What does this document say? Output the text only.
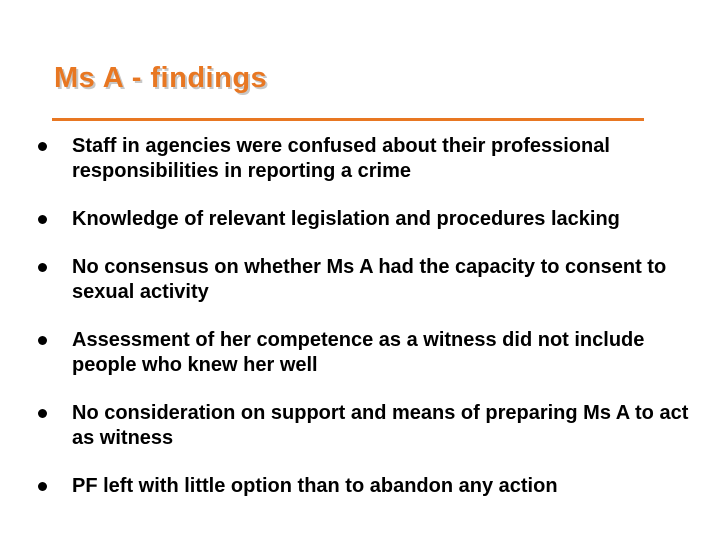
Ms A - findings
Staff in agencies were confused about their professional responsibilities in reporting a crime
Knowledge of relevant legislation and procedures lacking
No consensus on whether Ms A had the capacity to consent to sexual activity
Assessment of her competence as a witness did not include people who knew her well
No consideration on support and means of preparing Ms A to act as witness
PF left with little option than to abandon any action
